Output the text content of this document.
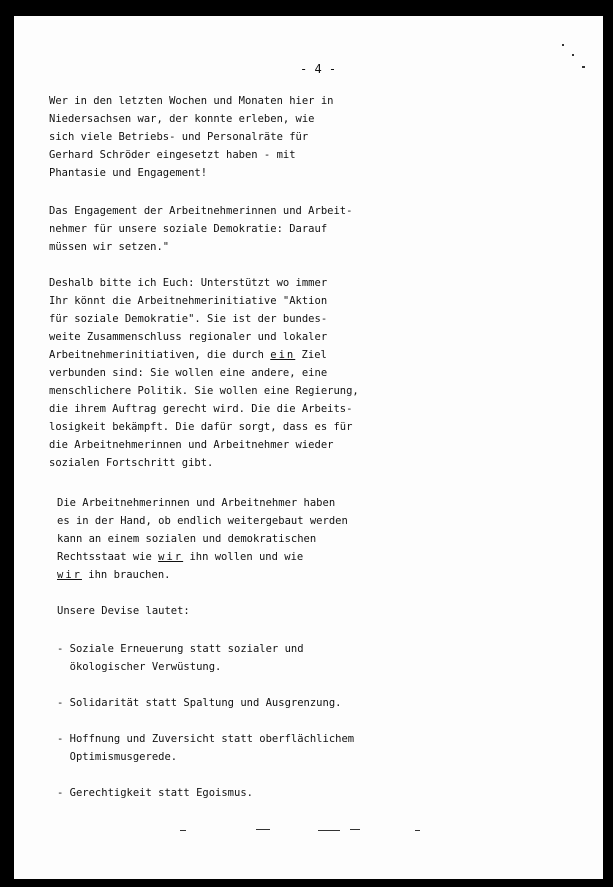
- 4 -
Wer in den letzten Wochen und Monaten hier in
Niedersachsen war, der konnte erleben, wie
sich viele Betriebs- und Personalräte für
Gerhard Schröder eingesetzt haben - mit
Phantasie und Engagement!
Das Engagement der Arbeitnehmerinnen und Arbeit-
nehmer für unsere soziale Demokratie: Darauf
müssen wir setzen."
Deshalb bitte ich Euch: Unterstützt wo immer
Ihr könnt die Arbeitnehmerinitiative "Aktion
für soziale Demokratie". Sie ist der bundes-
weite Zusammenschluss regionaler und lokaler
Arbeitnehmerinitiativen, die durch ein Ziel
verbunden sind: Sie wollen eine andere, eine
menschlichere Politik. Sie wollen eine Regierung,
die ihrem Auftrag gerecht wird. Die die Arbeits-
losigkeit bekämpft. Die dafür sorgt, dass es für
die Arbeitnehmerinnen und Arbeitnehmer wieder
sozialen Fortschritt gibt.
Die Arbeitnehmerinnen und Arbeitnehmer haben
es in der Hand, ob endlich weitergebaut werden
kann an einem sozialen und demokratischen
Rechtsstaat wie wir ihn wollen und wie
wir ihn brauchen.
Unsere Devise lautet:
- Soziale Erneuerung statt sozialer und
ökologischer Verwüstung.
- Solidarität statt Spaltung und Ausgrenzung.
- Hoffnung und Zuversicht statt oberflächlichem
Optimismusgerede.
- Gerechtigkeit statt Egoismus.
